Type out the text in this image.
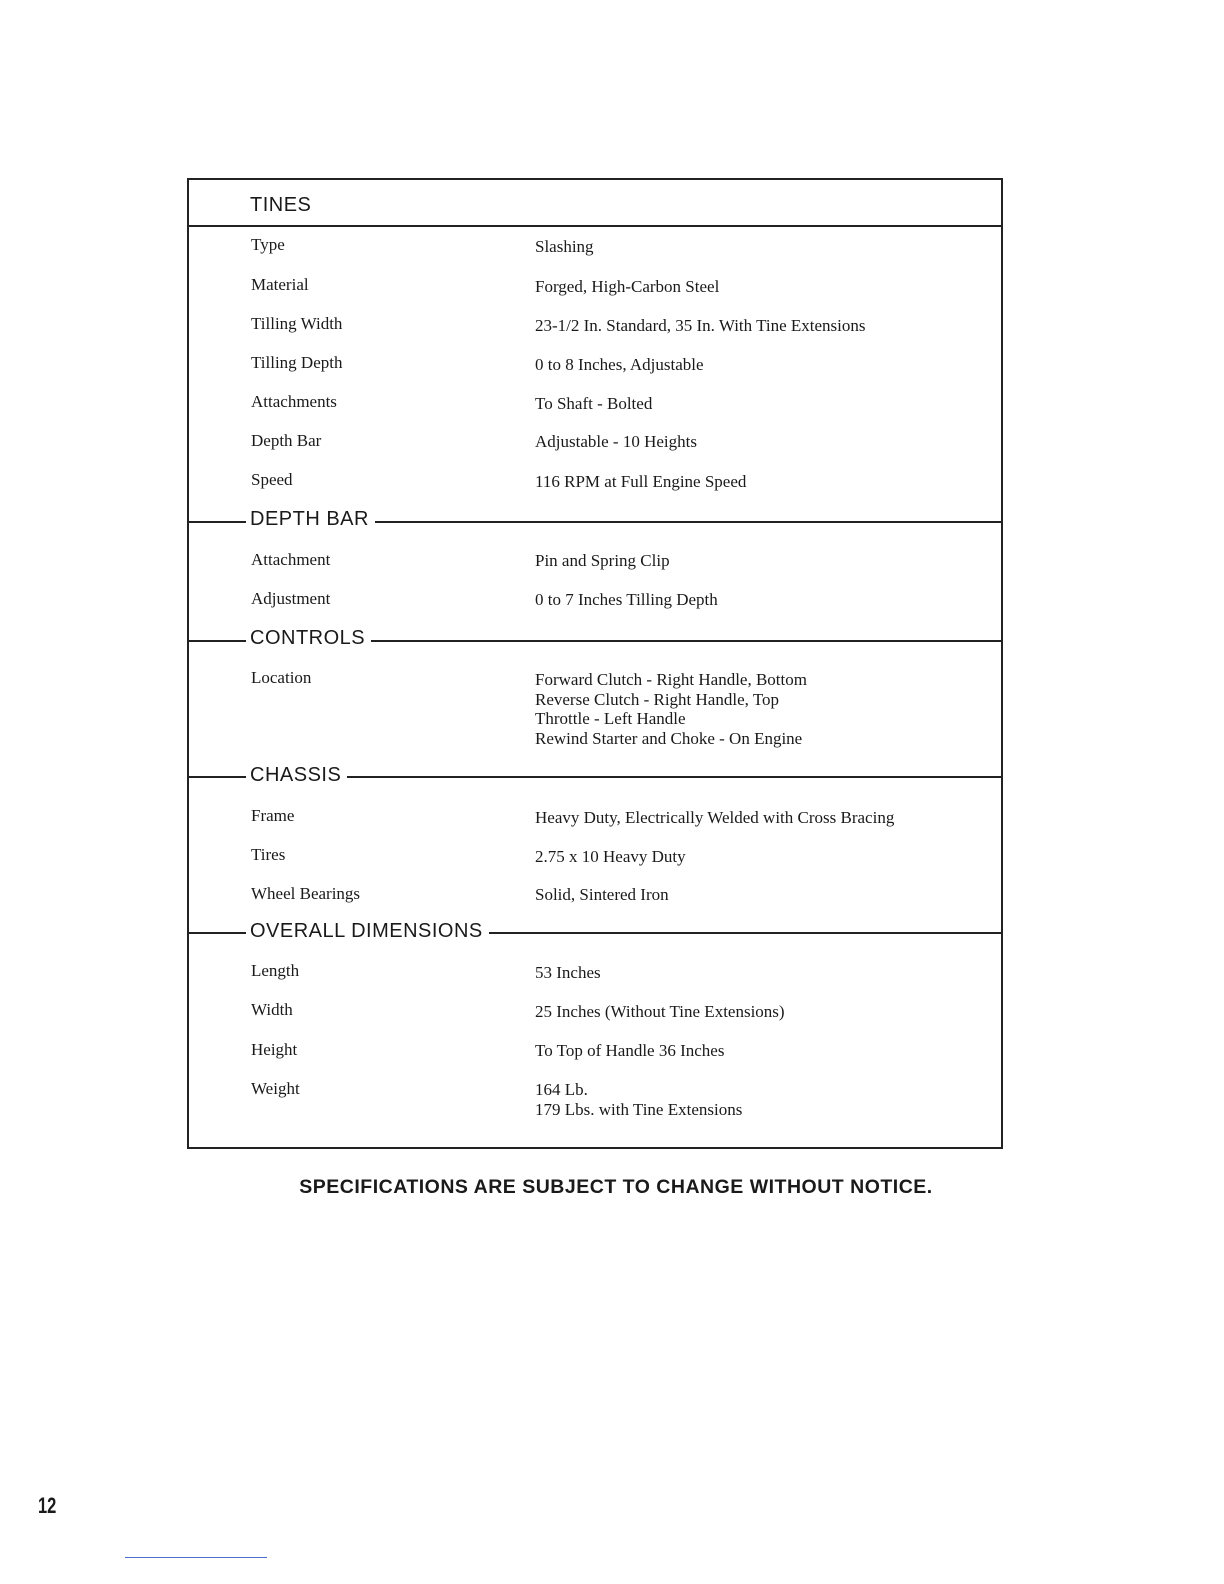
TINES
Type	Slashing
Material	Forged, High-Carbon Steel
Tilling Width	23-1/2 In. Standard, 35 In. With Tine Extensions
Tilling Depth	0 to 8 Inches, Adjustable
Attachments	To Shaft - Bolted
Depth Bar	Adjustable - 10 Heights
Speed	116 RPM at Full Engine Speed
DEPTH BAR
Attachment	Pin and Spring Clip
Adjustment	0 to 7 Inches Tilling Depth
CONTROLS
Location	Forward Clutch - Right Handle, Bottom
Reverse Clutch - Right Handle, Top
Throttle - Left Handle
Rewind Starter and Choke - On Engine
CHASSIS
Frame	Heavy Duty, Electrically Welded with Cross Bracing
Tires	2.75 x 10 Heavy Duty
Wheel Bearings	Solid, Sintered Iron
OVERALL DIMENSIONS
Length	53 Inches
Width	25 Inches (Without Tine Extensions)
Height	To Top of Handle 36 Inches
Weight	164 Lb.
179 Lbs. with Tine Extensions
SPECIFICATIONS ARE SUBJECT TO CHANGE WITHOUT NOTICE.
12
